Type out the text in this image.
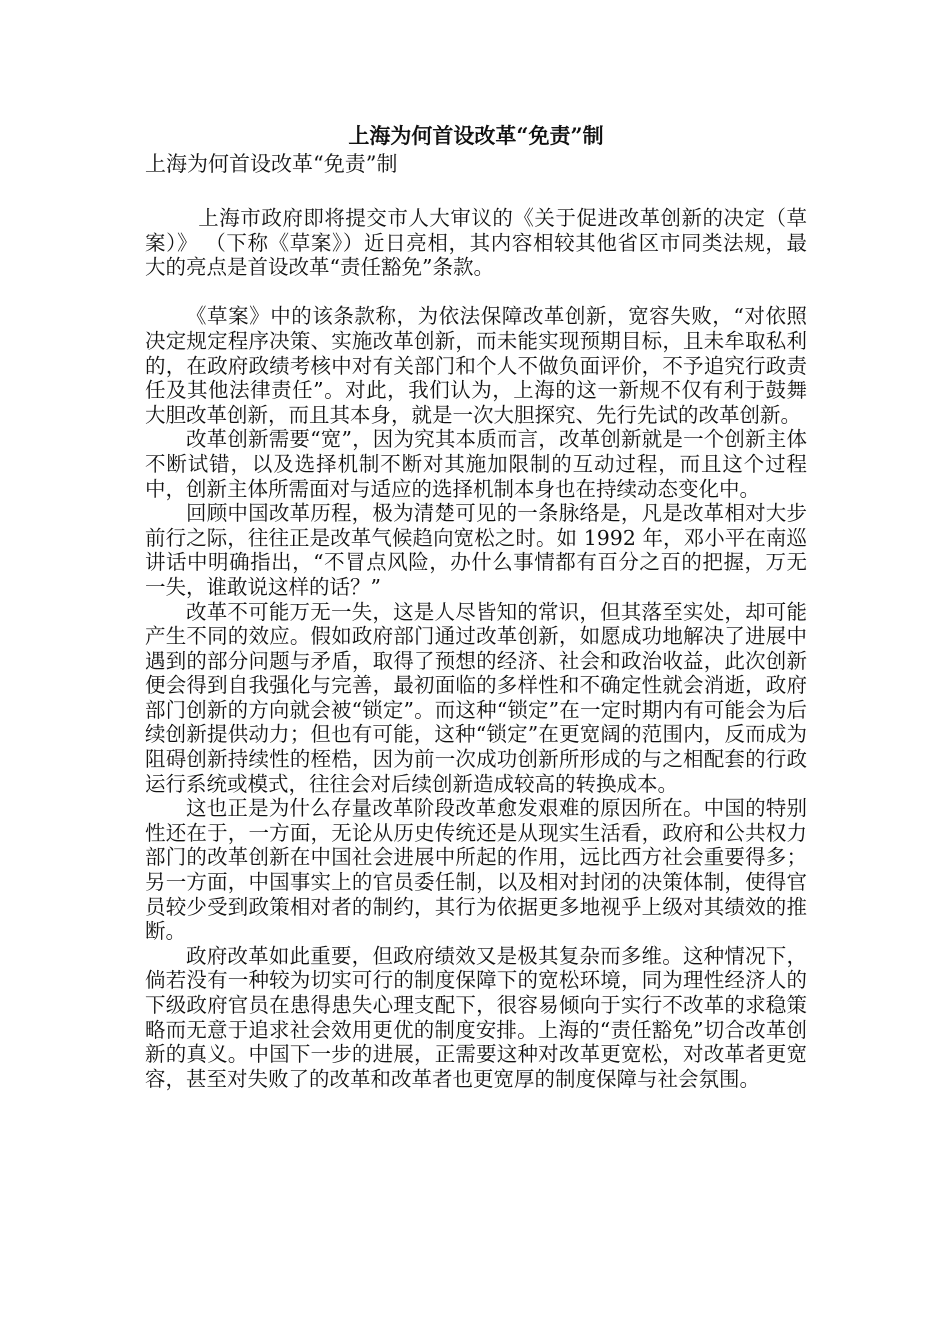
上海为何首设改革“免责”制
上海为何首设改革“免责”制

上海市政府即将提交市人大审议的《关于促进改革创新的决定（草案）》 （下称《草案》）近日亮相，其内容相较其他省区市同类法规，最大的亮点是首设改革“责任豁免”条款。

《草案》中的该条款称，为依法保障改革创新，宽容失败，“对依照决定规定程序决策、实施改革创新，而未能实现预期目标，且未牟取私利的，在政府政绩考核中对有关部门和个人不做负面评价，不予追究行政责任及其他法律责任”。对此，我们认为，上海的这一新规不仅有利于鼓舞大胆改革创新，而且其本身，就是一次大胆探究、先行先试的改革创新。

改革创新需要“宽”，因为究其本质而言，改革创新就是一个创新主体不断试错，以及选择机制不断对其施加限制的互动过程，而且这个过程中，创新主体所需面对与适应的选择机制本身也在持续动态变化中。

回顾中国改革历程，极为清楚可见的一条脉络是，凡是改革相对大步前行之际，往往正是改革气候趋向宽松之时。如 1992 年，邓小平在南巡讲话中明确指出，“不冒点风险，办什么事情都有百分之百的把握，万无一失，谁敢说这样的话？”

改革不可能万无一失，这是人尽皆知的常识，但其落至实处，却可能产生不同的效应。假如政府部门通过改革创新，如愿成功地解决了进展中遇到的部分问题与矛盾，取得了预想的经济、社会和政治收益，此次创新便会得到自我强化与完善，最初面临的多样性和不确定性就会消逝，政府部门创新的方向就会被“锁定”。而这种“锁定”在一定时期内有可能会为后续创新提供动力；但也有可能，这种“锁定”在更宽阔的范围内，反而成为阻碍创新持续性的桎梏，因为前一次成功创新所形成的与之相配套的行政运行系统或模式，往往会对后续创新造成较高的转换成本。

这也正是为什么存量改革阶段改革愈发艰难的原因所在。中国的特别性还在于，一方面，无论从历史传统还是从现实生活看，政府和公共权力部门的改革创新在中国社会进展中所起的作用，远比西方社会重要得多；另一方面，中国事实上的官员委任制，以及相对封闭的决策体制，使得官员较少受到政策相对者的制约，其行为依据更多地视乎上级对其绩效的推断。

政府改革如此重要，但政府绩效又是极其复杂而多维。这种情况下，倘若没有一种较为切实可行的制度保障下的宽松环境，同为理性经济人的下级政府官员在患得患失心理支配下，很容易倾向于实行不改革的求稳策略而无意于追求社会效用更优的制度安排。上海的“责任豁免”切合改革创新的真义。中国下一步的进展，正需要这种对改革更宽松，对改革者更宽容，甚至对失败了的改革和改革者也更宽厚的制度保障与社会氛围。
